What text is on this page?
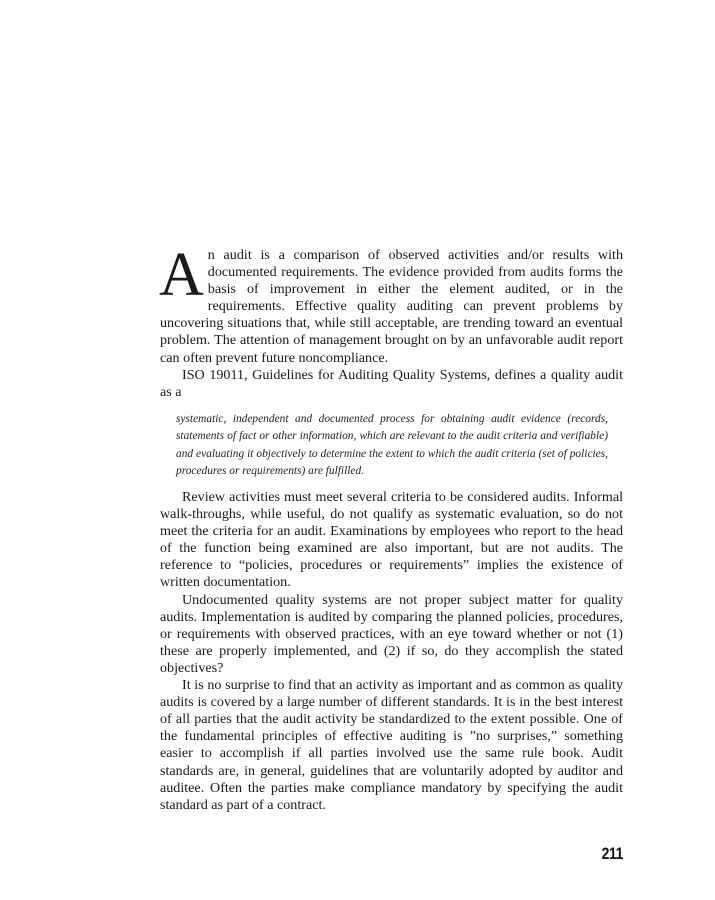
An audit is a comparison of observed activities and/or results with documented requirements. The evidence provided from audits forms the basis of improvement in either the element audited, or in the requirements. Effective quality auditing can prevent problems by uncovering situations that, while still acceptable, are trending toward an eventual problem. The attention of management brought on by an unfavorable audit report can often prevent future noncompliance.

ISO 19011, Guidelines for Auditing Quality Systems, defines a quality audit as a

systematic, independent and documented process for obtaining audit evidence (records, statements of fact or other information, which are relevant to the audit criteria and verifiable) and evaluating it objectively to determine the extent to which the audit criteria (set of policies, procedures or requirements) are fulfilled.

Review activities must meet several criteria to be considered audits. Informal walk-throughs, while useful, do not qualify as systematic evaluation, so do not meet the criteria for an audit. Examinations by employees who report to the head of the function being examined are also important, but are not audits. The reference to “policies, procedures or requirements” implies the existence of written documentation.

Undocumented quality systems are not proper subject matter for quality audits. Implementation is audited by comparing the planned policies, procedures, or requirements with observed practices, with an eye toward whether or not (1) these are properly implemented, and (2) if so, do they accomplish the stated objectives?

It is no surprise to find that an activity as important and as common as quality audits is covered by a large number of different standards. It is in the best interest of all parties that the audit activity be standardized to the extent possible. One of the fundamental principles of effective auditing is ”no surprises,” something easier to accomplish if all parties involved use the same rule book. Audit standards are, in general, guidelines that are voluntarily adopted by auditor and auditee. Often the parties make compliance mandatory by specifying the audit standard as part of a contract.

211
